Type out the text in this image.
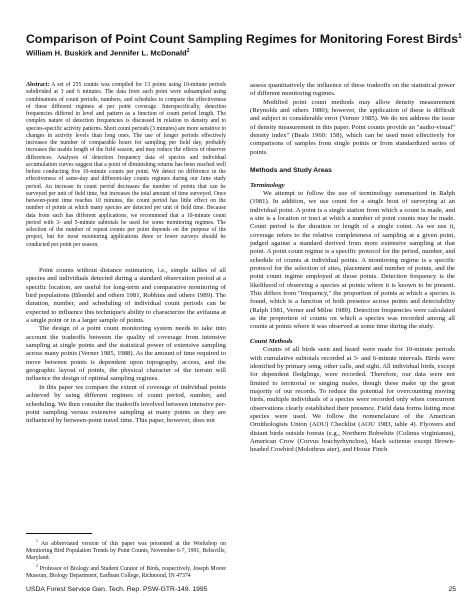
Comparison of Point Count Sampling Regimes for Monitoring Forest Birds$^1$
William H. Buskirk and Jennifer L. McDonald$^2$
Abstract: A set of 255 counts was compiled for 13 points using 10-minute periods subdivided at 3 and 6 minutes. The data from each point were subsampled using combinations of count periods, numbers, and schedules to compare the effectiveness of these different regimes at per point coverage. Interspecifically, detection frequencies differed in level and pattern as a function of count period length. The complex nature of detection frequencies is discussed in relation to density and to species-specific activity patterns. Short count periods (3 minutes) are more sensitive to changes in activity levels than long ones. The use of longer periods effectively increases the number of comparable hours for sampling per field day, probably increases the usable length of the field season, and may reduce the effects of observer differences. Analyses of detection frequency data of species and individual accumulation curves suggest that a point of diminishing returns has been reached well before conducting five 10-minute counts per point. We detect no difference in the effectiveness of same-day and different-day counts regimes during our June study period. An increase in count period decreases the number of points that can be surveyed per unit of field time, but increases the total amount of time surveyed. Once between-point time reaches 10 minutes, the count period has little effect on the number of points at which many species are detected per unit of field time. Because data from each has different applications, we recommend that a 10-minute count period with 3- and 5-minute subtotals be used for some monitoring regimes. The selection of the number of repeat counts per point depends on the purpose of the project, but for most monitoring applications three or fewer surveys should be conducted per point per season.

Point counts without distance estimation, i.e., simple tallies of all species and individuals detected during a standard observation period at a specific location, are useful for long-term and comparative monitoring of bird populations (Blondel and others 1981, Robbins and others 1989). The duration, number, and scheduling of individual count periods can be expected to influence this technique's ability to characterize the avifauna at a single point or in a larger sample of points.

The design of a point count monitoring system needs to take into account the tradeoffs between the quality of coverage from intensive sampling at single points and the statistical power of extensive sampling across many points (Verner 1985, 1988). As the amount of time required to move between points is dependent upon topography, access, and the geographic layout of points, the physical character of the terrain will influence the design of optimal sampling regimes.

In this paper we compare the extent of coverage of individual points achieved by using different regimes of count period, number, and scheduling. We then consider the tradeoffs involved between intensive per-point sampling versus extensive sampling at many points as they are influenced by between-point travel time. This paper, however, does not

$^1$ An abbreviated version of this paper was presented at the Workshop on Monitoring Bird Population Trends by Point Counts, November 6-7, 1991, Beltsville, Maryland.

$^2$ Professor of Biology and Student Curator of Birds, respectively, Joseph Moore Museum, Biology Department, Earlham College, Richmond, IN 47374

assess quantitatively the influence of these tradeoffs on the statistical power of different monitoring regimes.

Modified point count methods may allow density measurement (Reynolds and others 1980); however, the application of these is difficult and subject to considerable error (Verner 1985). We do not address the issue of density measurement in this paper. Point counts provide an "audio-visual" density index" (Beals 1960: 158), which can be used most effectively for comparisons of samples from single points or from standardized series of points.

Methods and Study Areas

Terminology

We attempt to follow the use of terminology summarized in Ralph (1981). In addition, we use count for a single bout of surveying at an individual point. A point is a single station from which a count is made, and a site is a location or tract at which a number of point counts may be made. Count period is the duration or length of a single count. As we use it, coverage refers to the relative completeness of sampling at a given point, judged against a standard derived from more extensive sampling at that point. A point count regime is a specific protocol for the period, number, and schedule of counts at individual points. A monitoring regime is a specific protocol for the selection of sites, placement and number of points, and the point count regime employed at those points. Detection frequency is the likelihood of observing a species at points where it is known to be present. This differs from "frequency," the proportion of points at which a species is found, which is a function of both presence across points and detectability (Ralph 1981, Verner and Milne 1989). Detection frequencies were calculated as the proportion of counts on which a species was recorded among all counts at points where it was observed at some time during the study.

Count Methods

Counts of all birds seen and heard were made for 10-minute periods with cumulative subtotals recorded at 3- and 6-minute intervals. Birds were identified by primary song, other calls, and sight. All individual birds, except for dependent fledglings, were recorded. Therefore, our data were not limited to territorial or singing males, though these make up the great majority of our records. To reduce the potential for overcounting moving birds, multiple individuals of a species were recorded only when concurrent observations clearly established their presence. Field data forms listing most species were used. We follow the nomenclature of the American Ornithologists Union (AOU) Checklist (AOU 1983, table 4). Flyovers and distant birds outside forests (e.g., Northern Bobwhite (Colinus virginianus), American Crow (Corvus brachyrhynchos), black scitenue except Brown-headed Cowbird (Molothrus ater), and House Finch

USDA Forest Service Gen. Tech. Rep. PSW-GTR-149. 1995	25
